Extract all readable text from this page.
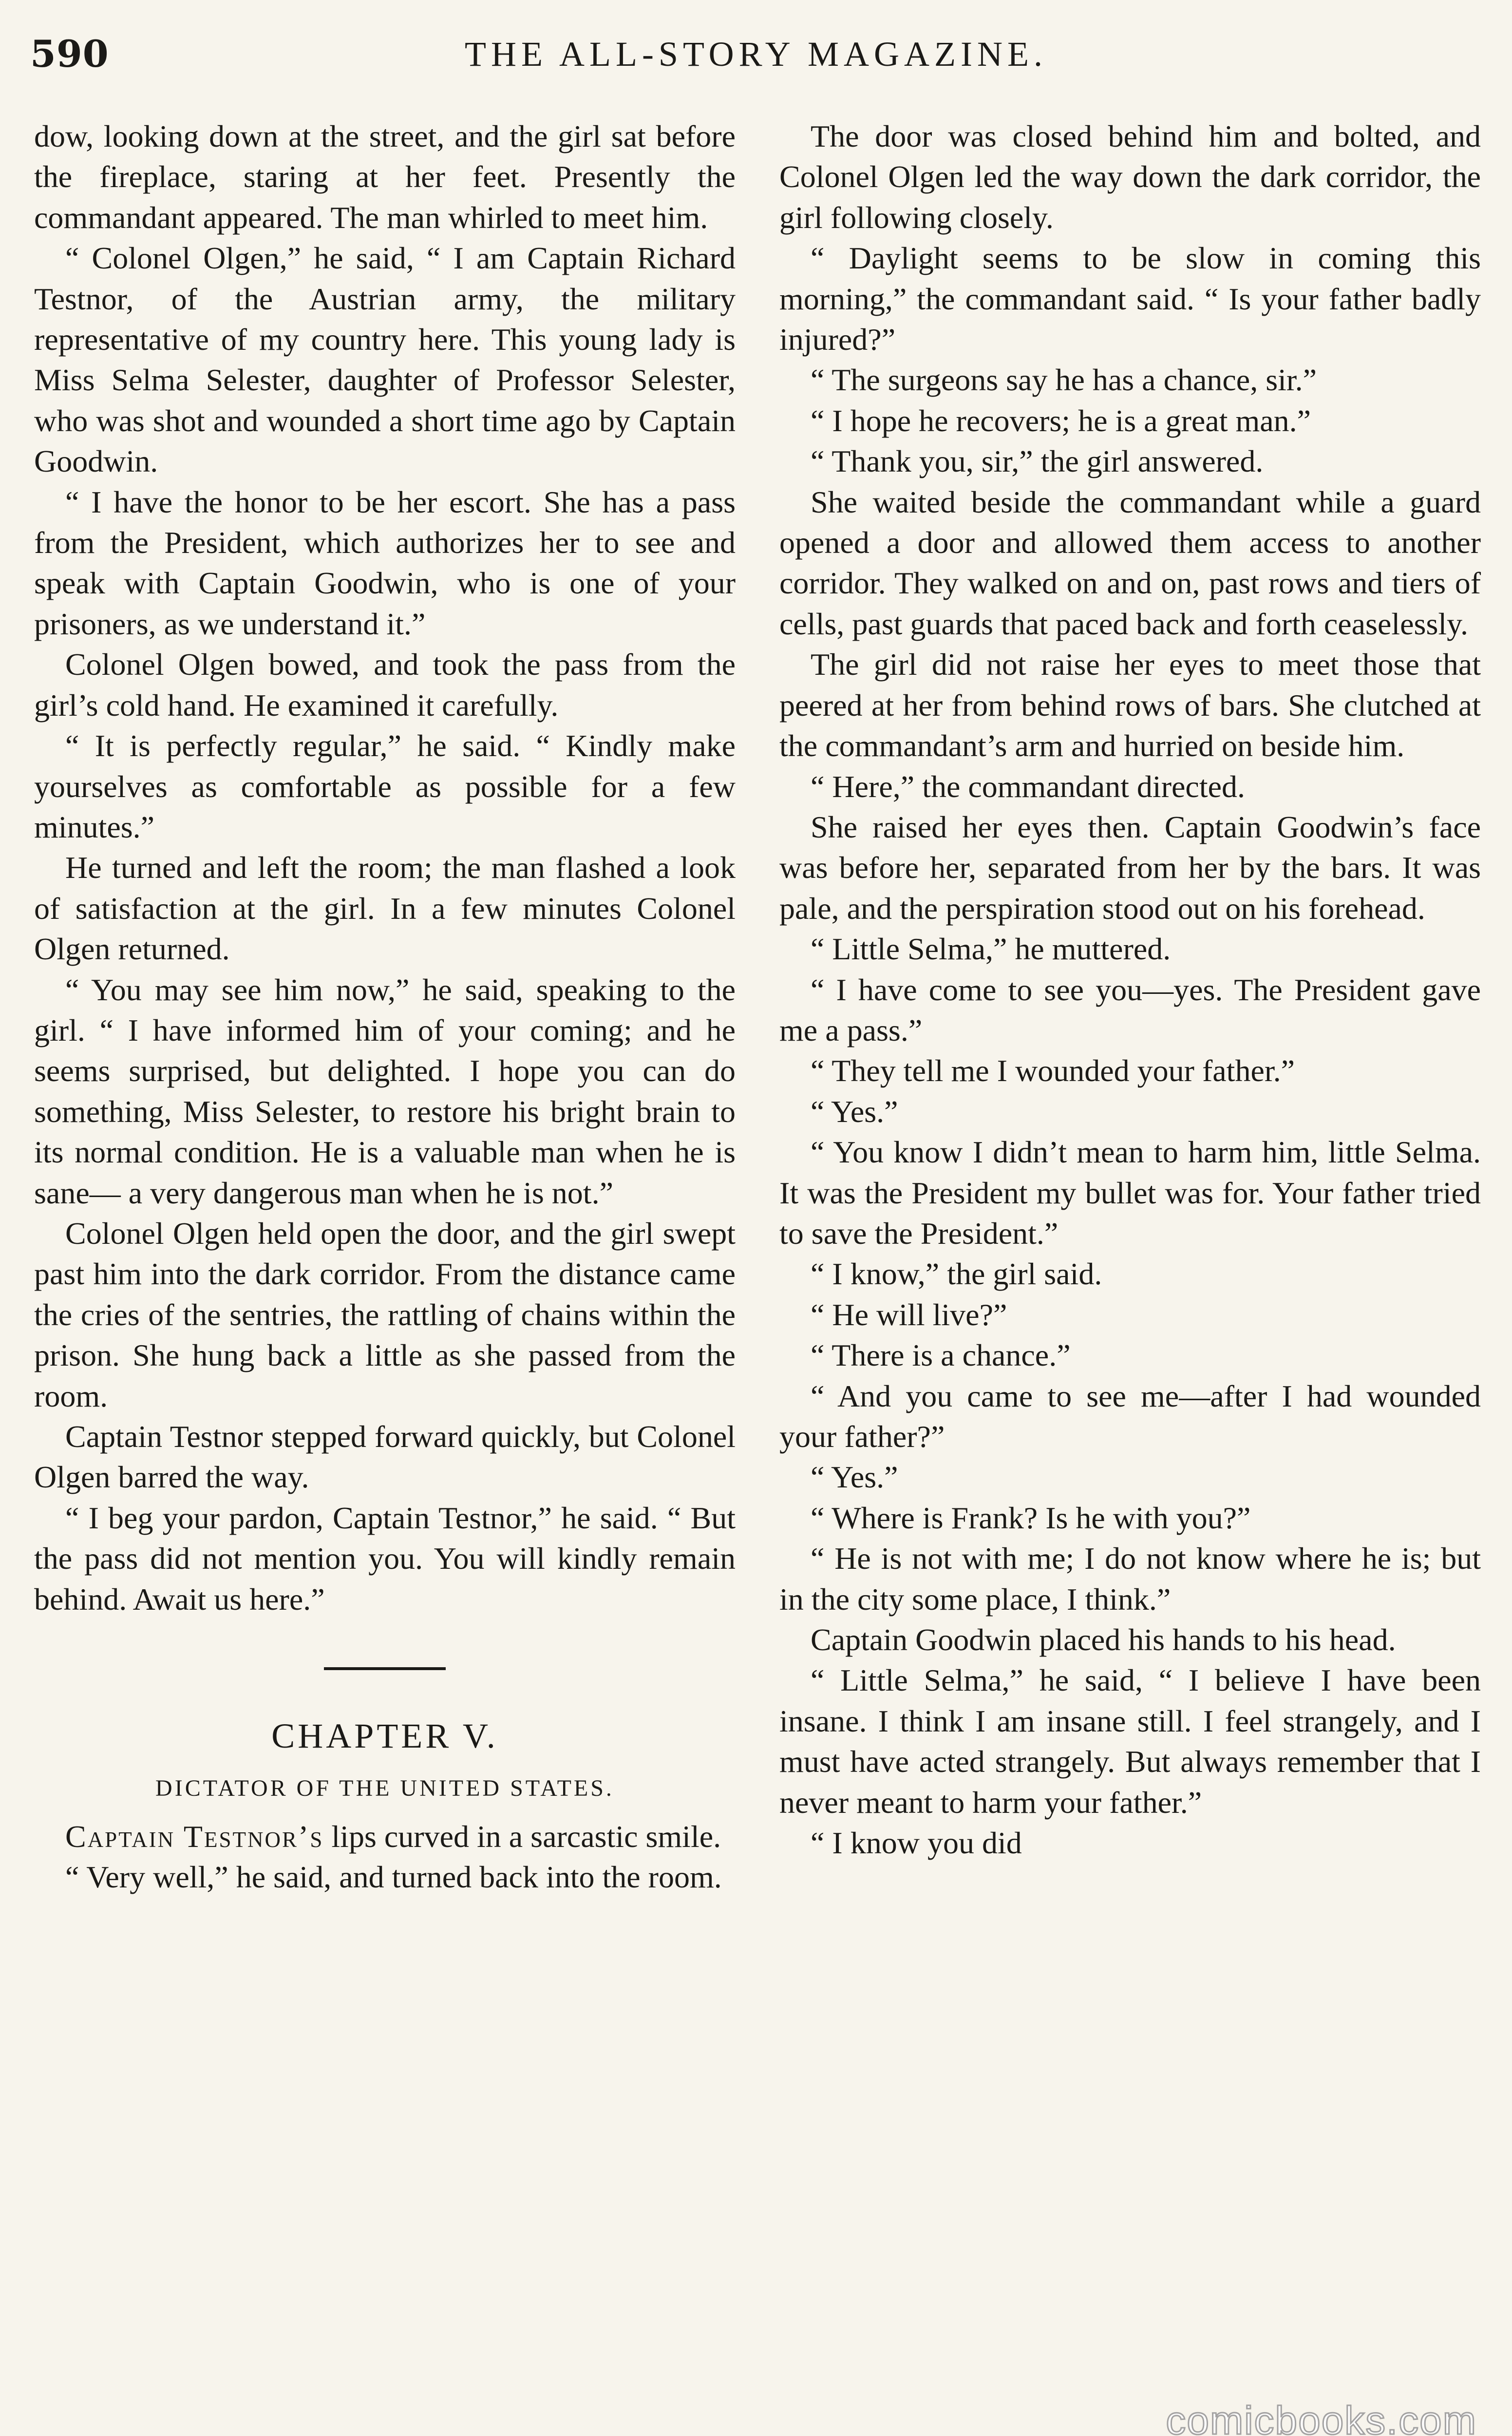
590	THE ALL-STORY MAGAZINE.

dow, looking down at the street, and the girl sat before the fireplace, staring at her feet. Presently the commandant appeared. The man whirled to meet him.

“ Colonel Olgen,” he said, “ I am Captain Richard Testnor, of the Austrian army, the military representative of my country here. This young lady is Miss Selma Selester, daughter of Professor Selester, who was shot and wounded a short time ago by Captain Goodwin.

“ I have the honor to be her escort. She has a pass from the President, which authorizes her to see and speak with Captain Goodwin, who is one of your prisoners, as we understand it.”

Colonel Olgen bowed, and took the pass from the girl’s cold hand. He examined it carefully.

“ It is perfectly regular,” he said. “ Kindly make yourselves as comfortable as possible for a few minutes.”

He turned and left the room; the man flashed a look of satisfaction at the girl. In a few minutes Colonel Olgen returned.

“ You may see him now,” he said, speaking to the girl. “ I have informed him of your coming; and he seems surprised, but delighted. I hope you can do something, Miss Selester, to restore his bright brain to its normal condition. He is a valuable man when he is sane— a very dangerous man when he is not.”

Colonel Olgen held open the door, and the girl swept past him into the dark corridor. From the distance came the cries of the sentries, the rattling of chains within the prison. She hung back a little as she passed from the room.

Captain Testnor stepped forward quickly, but Colonel Olgen barred the way.

“ I beg your pardon, Captain Testnor,” he said. “ But the pass did not mention you. You will kindly remain behind. Await us here.”

CHAPTER V.
DICTATOR OF THE UNITED STATES.

Captain Testnor’s lips curved in a sarcastic smile.

“ Very well,” he said, and turned back into the room.

The door was closed behind him and bolted, and Colonel Olgen led the way down the dark corridor, the girl following closely.

“ Daylight seems to be slow in coming this morning,” the commandant said. “ Is your father badly injured?”

“ The surgeons say he has a chance, sir.”

“ I hope he recovers; he is a great man.”

“ Thank you, sir,” the girl answered.

She waited beside the commandant while a guard opened a door and allowed them access to another corridor. They walked on and on, past rows and tiers of cells, past guards that paced back and forth ceaselessly.

The girl did not raise her eyes to meet those that peered at her from behind rows of bars. She clutched at the commandant’s arm and hurried on beside him.

“ Here,” the commandant directed.

She raised her eyes then. Captain Goodwin’s face was before her, separated from her by the bars. It was pale, and the perspiration stood out on his forehead.

“ Little Selma,” he muttered.

“ I have come to see you—yes. The President gave me a pass.”

“ They tell me I wounded your father.”

“ Yes.”

“ You know I didn’t mean to harm him, little Selma. It was the President my bullet was for. Your father tried to save the President.”

“ I know,” the girl said.

“ He will live?”

“ There is a chance.”

“ And you came to see me—after I had wounded your father?”

“ Yes.”

“ Where is Frank? Is he with you?”

“ He is not with me; I do not know where he is; but in the city some place, I think.”

Captain Goodwin placed his hands to his head.

“ Little Selma,” he said, “ I believe I have been insane. I think I am insane still. I feel strangely, and I must have acted strangely. But always remember that I never meant to harm your father.”

“ I know you did

comicbooks.com
